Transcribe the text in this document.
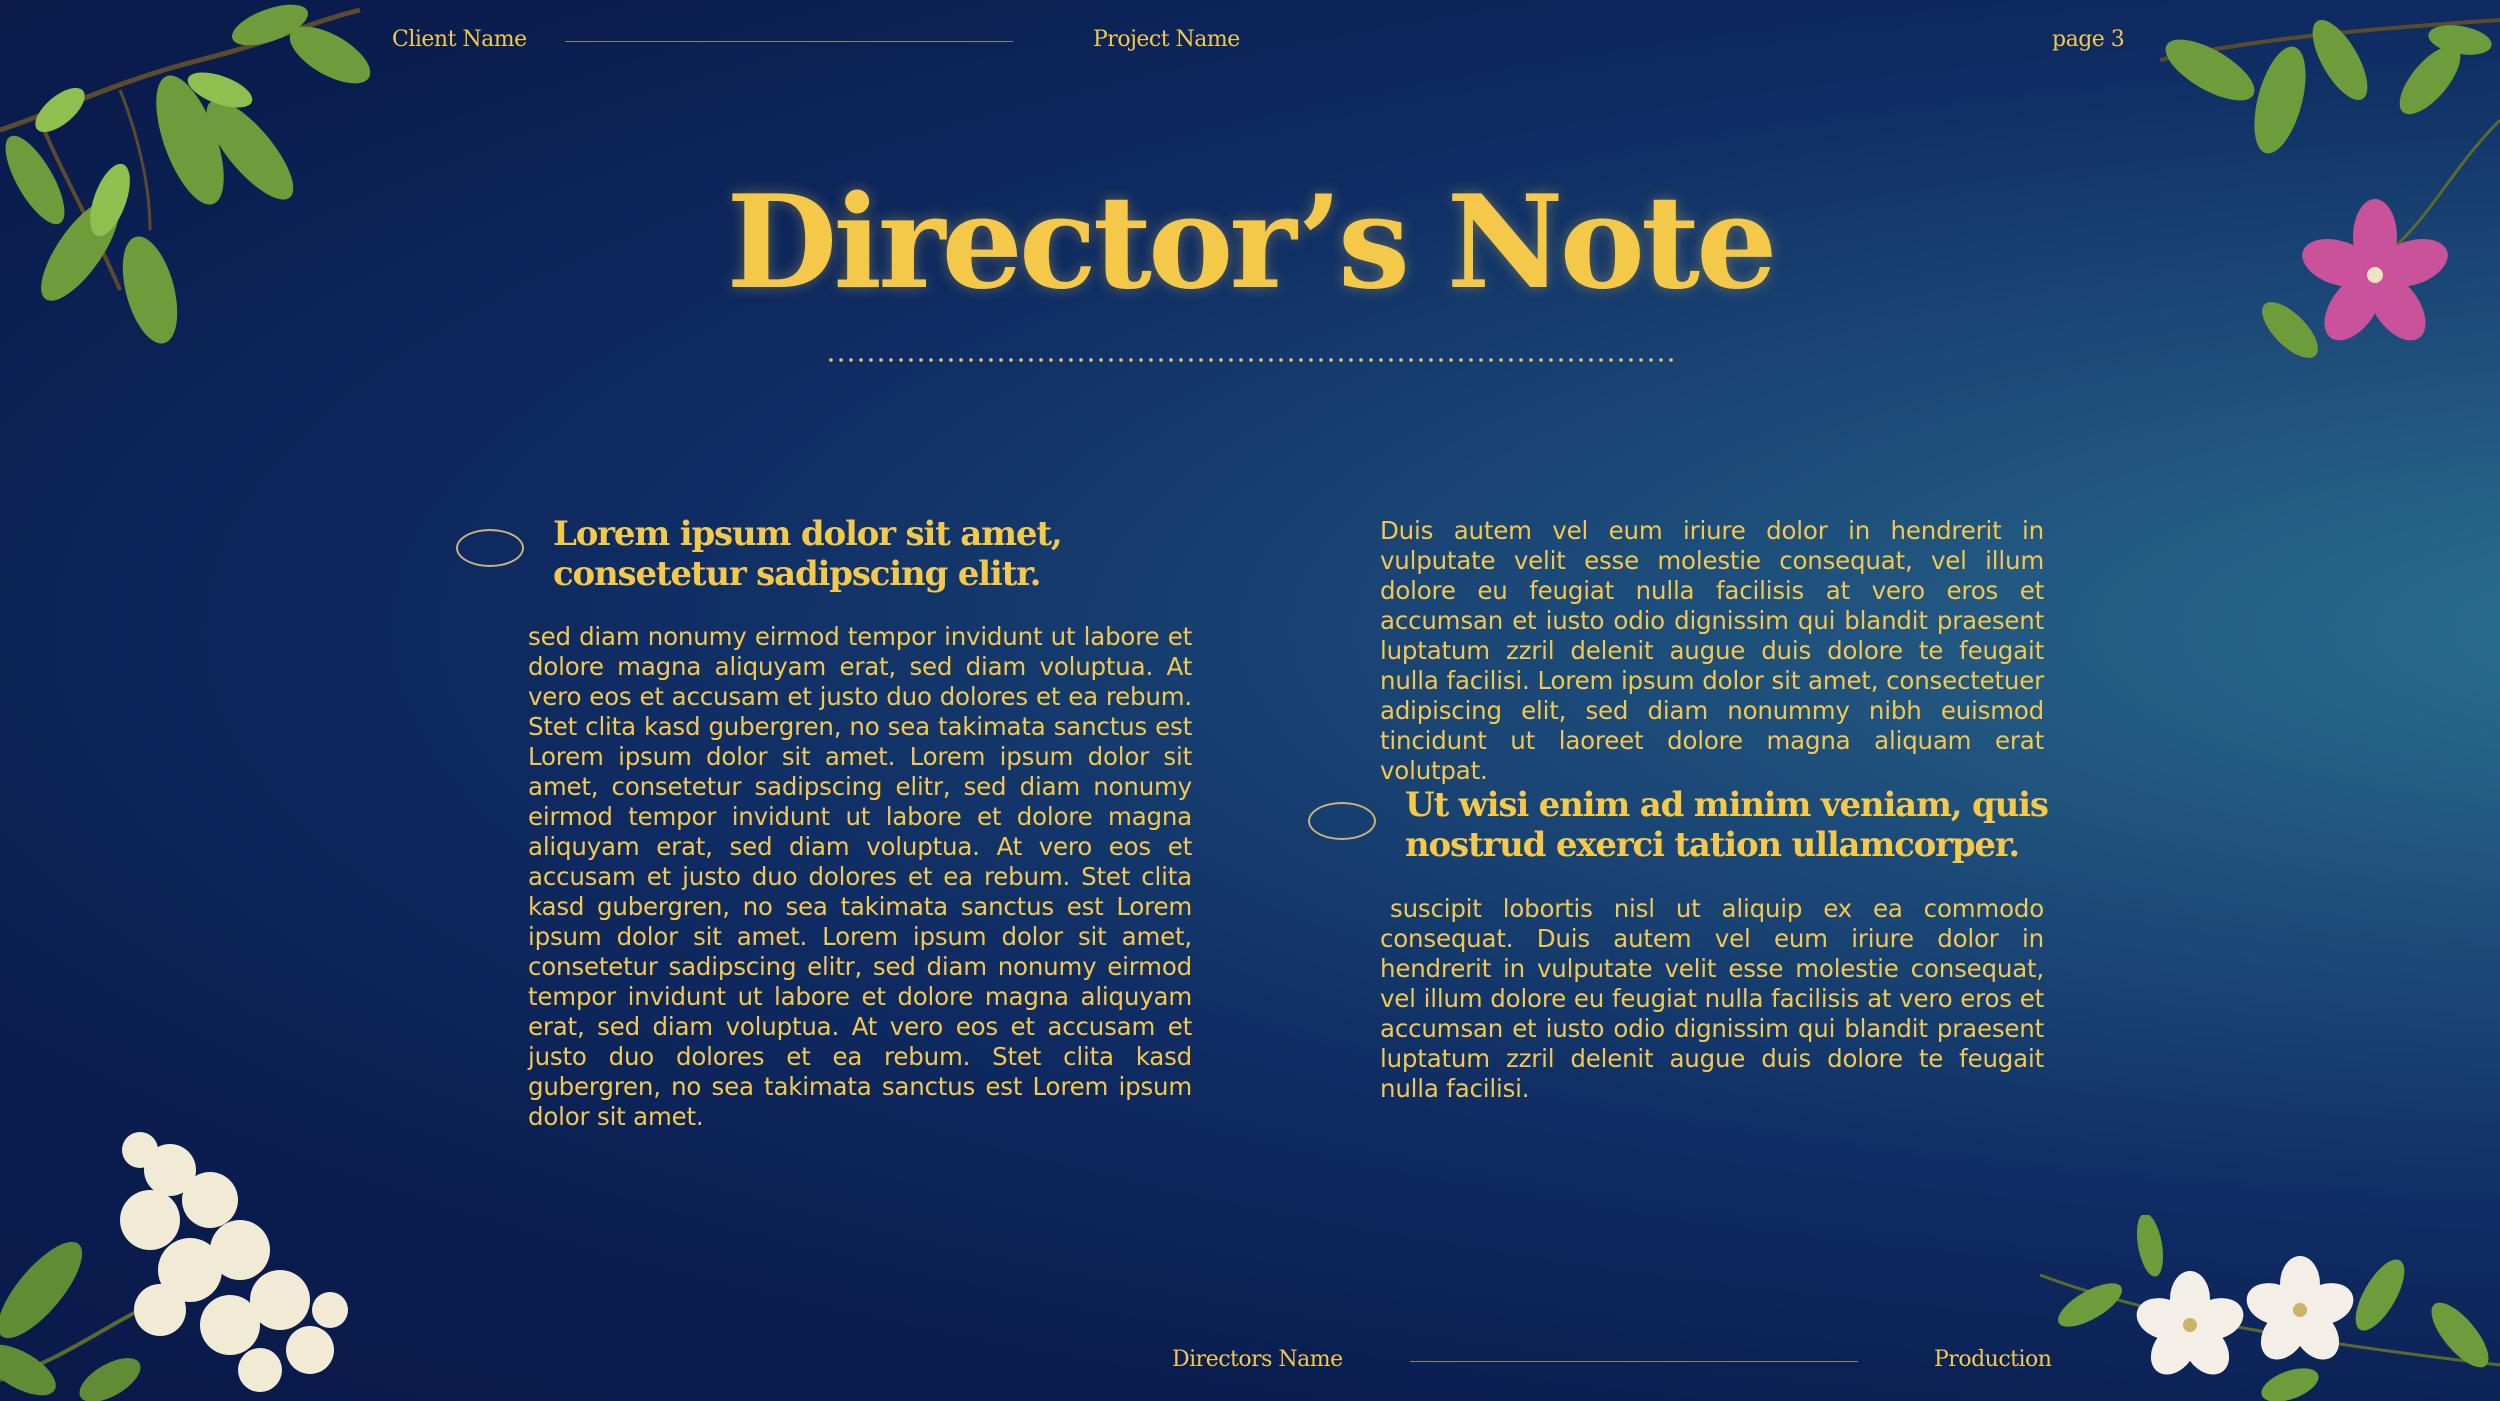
Client Name	Project Name	page 3
Director’s Note
Lorem ipsum dolor sit amet, consetetur sadipscing elitr.
sed diam nonumy eirmod tempor invidunt ut labore et dolore magna aliquyam erat, sed diam voluptua. At vero eos et accusam et justo duo dolores et ea rebum. Stet clita kasd gubergren, no sea takimata sanctus est Lorem ipsum dolor sit amet. Lorem ipsum dolor sit amet, consetetur sadipscing elitr, sed diam nonumy eirmod tempor invidunt ut labore et dolore magna aliquyam erat, sed diam voluptua. At vero eos et accusam et justo duo dolores et ea rebum. Stet clita kasd gubergren, no sea takimata sanctus est Lorem ipsum dolor sit amet. Lorem ipsum dolor sit amet, consetetur sadipscing elitr, sed diam nonumy eirmod tempor invidunt ut labore et dolore magna aliquyam erat, sed diam voluptua. At vero eos et accusam et justo duo dolores et ea rebum. Stet clita kasd gubergren, no sea takimata sanctus est Lorem ipsum dolor sit amet.
Duis autem vel eum iriure dolor in hendrerit in vulputate velit esse molestie consequat, vel illum dolore eu feugiat nulla facilisis at vero eros et accumsan et iusto odio dignissim qui blandit praesent luptatum zzril delenit augue duis dolore te feugait nulla facilisi. Lorem ipsum dolor sit amet, consectetuer adipiscing elit, sed diam nonummy nibh euismod tincidunt ut laoreet dolore magna aliquam erat volutpat.
Ut wisi enim ad minim veniam, quis nostrud exerci tation ullamcorper.
suscipit lobortis nisl ut aliquip ex ea commodo consequat. Duis autem vel eum iriure dolor in hendrerit in vulputate velit esse molestie consequat, vel illum dolore eu feugiat nulla facilisis at vero eros et accumsan et iusto odio dignissim qui blandit praesent luptatum zzril delenit augue duis dolore te feugait nulla facilisi.
Directors Name	Production
